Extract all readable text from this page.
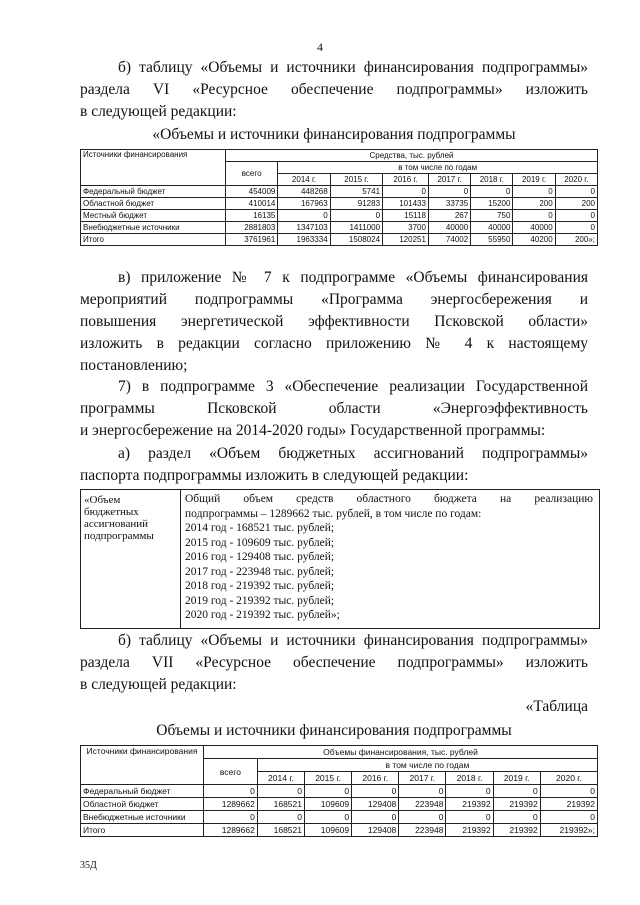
4
б) таблицу «Объемы и источники финансирования подпрограммы»
раздела VI «Ресурсное обеспечение подпрограммы» изложить
в следующей редакции:
«Объемы и источники финансирования подпрограммы
Источники финансирования	Средства, тыс. рублей							
	всего	в том числе по годам						
		2014 г.	2015 г.	2016 г.	2017 г.	2018 г.	2019 г.	2020 г.
Федеральный бюджет	454009	448268	5741	0	0	0	0	0
Областной бюджет	410014	167963	91283	101433	33735	15200	200	200
Местный бюджет	16135	0	0	15118	267	750	0	0
Внебюджетные источники	2881803	1347103	1411000	3700	40000	40000	40000	0
Итого	3761961	1963334	1508024	120251	74002	55950	40200	200»;
в) приложение № 7 к подпрограмме «Объемы финансирования
мероприятий подпрограммы «Программа энергосбережения и
повышения энергетической эффективности Псковской области»
изложить в редакции согласно приложению № 4 к настоящему
постановлению;
7) в подпрограмме 3 «Обеспечение реализации Государственной
программы Псковской области «Энергоэффективность
и энергосбережение на 2014-2020 годы» Государственной программы:
а) раздел «Объем бюджетных ассигнований подпрограммы»
паспорта подпрограммы изложить в следующей редакции:
«Объем
бюджетных
ассигнований
подпрограммы
Общий объем средств областного бюджета на реализацию
подпрограммы – 1289662 тыс. рублей, в том числе по годам:
2014 год - 168521 тыс. рублей;
2015 год - 109609 тыс. рублей;
2016 год - 129408 тыс. рублей;
2017 год - 223948 тыс. рублей;
2018 год - 219392 тыс. рублей;
2019 год - 219392 тыс. рублей;
2020 год - 219392 тыс. рублей»;
б) таблицу «Объемы и источники финансирования подпрограммы»
раздела VII «Ресурсное обеспечение подпрограммы» изложить
в следующей редакции:
«Таблица
Объемы и источники финансирования подпрограммы
Источники финансирования	Объемы финансирования, тыс. рублей							
	всего	в том числе по годам						
		2014 г.	2015 г.	2016 г.	2017 г.	2018 г.	2019 г.	2020 г.
Федеральный бюджет	0	0	0	0	0	0	0	0
Областной бюджет	1289662	168521	109609	129408	223948	219392	219392	219392
Внебюджетные источники	0	0	0	0	0	0	0	0
Итого	1289662	168521	109609	129408	223948	219392	219392	219392»;
35Д
